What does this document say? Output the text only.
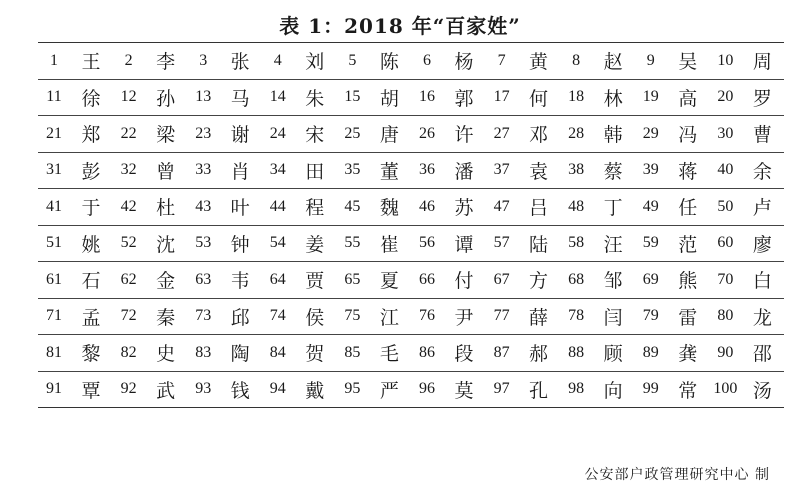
表 1：2018 年“百家姓”
1	王	2	李	3	张	4	刘	5	陈	6	杨	7	黄	8	赵	9	吴	10	周
11	徐	12	孙	13	马	14	朱	15	胡	16	郭	17	何	18	林	19	高	20	罗
21	郑	22	梁	23	谢	24	宋	25	唐	26	许	27	邓	28	韩	29	冯	30	曹
31	彭	32	曾	33	肖	34	田	35	董	36	潘	37	袁	38	蔡	39	蒋	40	余
41	于	42	杜	43	叶	44	程	45	魏	46	苏	47	吕	48	丁	49	任	50	卢
51	姚	52	沈	53	钟	54	姜	55	崔	56	谭	57	陆	58	汪	59	范	60	廖
61	石	62	金	63	韦	64	贾	65	夏	66	付	67	方	68	邹	69	熊	70	白
71	孟	72	秦	73	邱	74	侯	75	江	76	尹	77	薛	78	闫	79	雷	80	龙
81	黎	82	史	83	陶	84	贺	85	毛	86	段	87	郝	88	顾	89	龚	90	邵
91	覃	92	武	93	钱	94	戴	95	严	96	莫	97	孔	98	向	99	常	100 汤
公安部户政管理研究中心 制
